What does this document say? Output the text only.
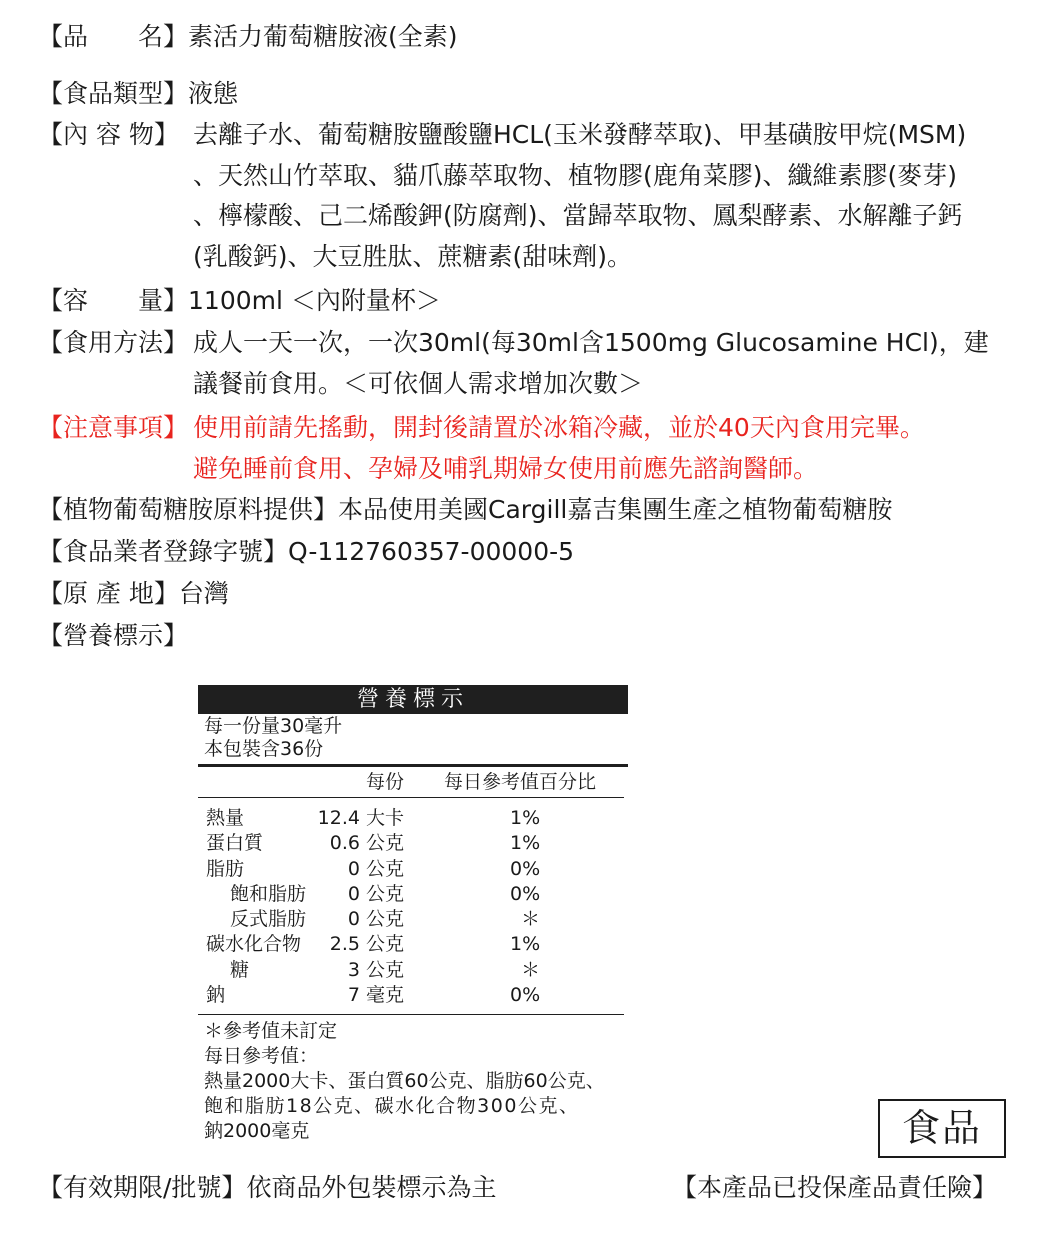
【品　　名】素活力葡萄糖胺液(全素)
【食品類型】液態
【內 容 物】 去離子水、葡萄糖胺鹽酸鹽HCL(玉米發酵萃取)、甲基磺胺甲烷(MSM)
、天然山竹萃取、貓爪藤萃取物、植物膠(鹿角菜膠)、纖維素膠(麥芽)
、檸檬酸、己二烯酸鉀(防腐劑)、當歸萃取物、鳳梨酵素、水解離子鈣
(乳酸鈣)、大豆胜肽、蔗糖素(甜味劑)。
【容　　量】1100ml ＜內附量杯＞
【食用方法】 成人一天一次，一次30ml(每30ml含1500mg Glucosamine HCl)，建
議餐前食用。＜可依個人需求增加次數＞
【注意事項】 使用前請先搖動，開封後請置於冰箱冷藏，並於40天內食用完畢。
避免睡前食用、孕婦及哺乳期婦女使用前應先諮詢醫師。
【植物葡萄糖胺原料提供】本品使用美國Cargill嘉吉集團生產之植物葡萄糖胺
【食品業者登錄字號】Q-112760357-00000-5
【原 產 地】台灣
【營養標示】
營養標示
每一份量30毫升
本包裝含36份
每份 每日參考值百分比
熱量	12.4 大卡	1%
蛋白質	0.6 公克	1%
脂肪	0 公克	0%
飽和脂肪 0 公克	0%
反式脂肪 0 公克	＊
碳水化合物 2.5 公克	1%
糖	3 公克	＊
鈉	7 毫克	0%
＊參考值未訂定
每日參考值：
熱量2000大卡、蛋白質60公克、脂肪60公克、
飽和脂肪18公克、碳水化合物300公克、
鈉2000毫克	食品
【有效期限/批號】依商品外包裝標示為主	【本產品已投保產品責任險】
